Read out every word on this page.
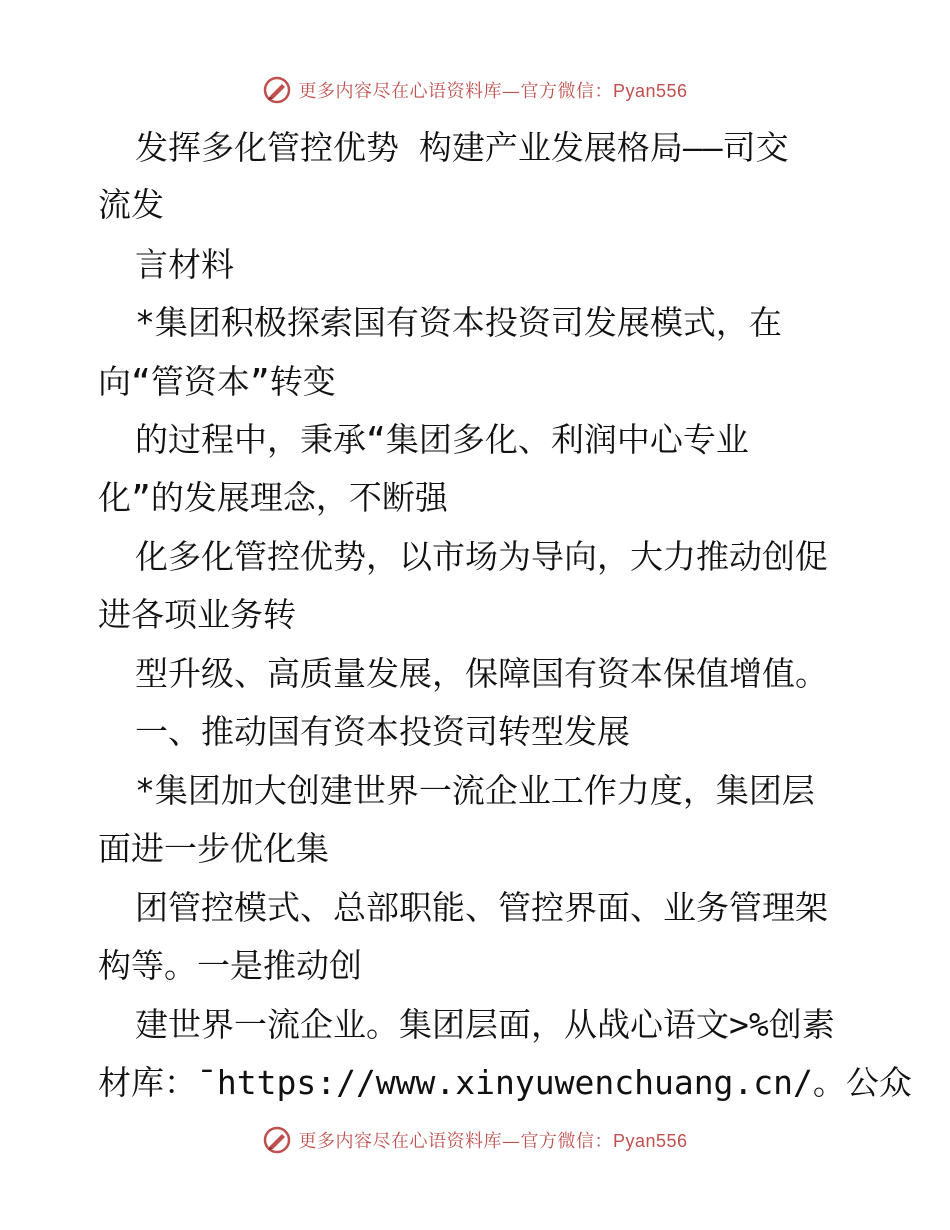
更多内容尽在心语资料库—官方微信：Pyan556
发挥多化管控优势 构建产业发展格局——司交
流发
言材料
*集团积极探索国有资本投资司发展模式，在
向“管资本”转变
的过程中，秉承“集团多化、利润中心专业
化”的发展理念，不断强
化多化管控优势，以市场为导向，大力推动创促
进各项业务转
型升级、高质量发展，保障国有资本保值增值。
一、推动国有资本投资司转型发展
*集团加大创建世界一流企业工作力度，集团层
面进一步优化集
团管控模式、总部职能、管控界面、业务管理架
构等。一是推动创
建世界一流企业。集团层面，从战心语文>%创素
材库：¯https://www.xinyuwenchuang.cn/。公众
更多内容尽在心语资料库—官方微信：Pyan556
